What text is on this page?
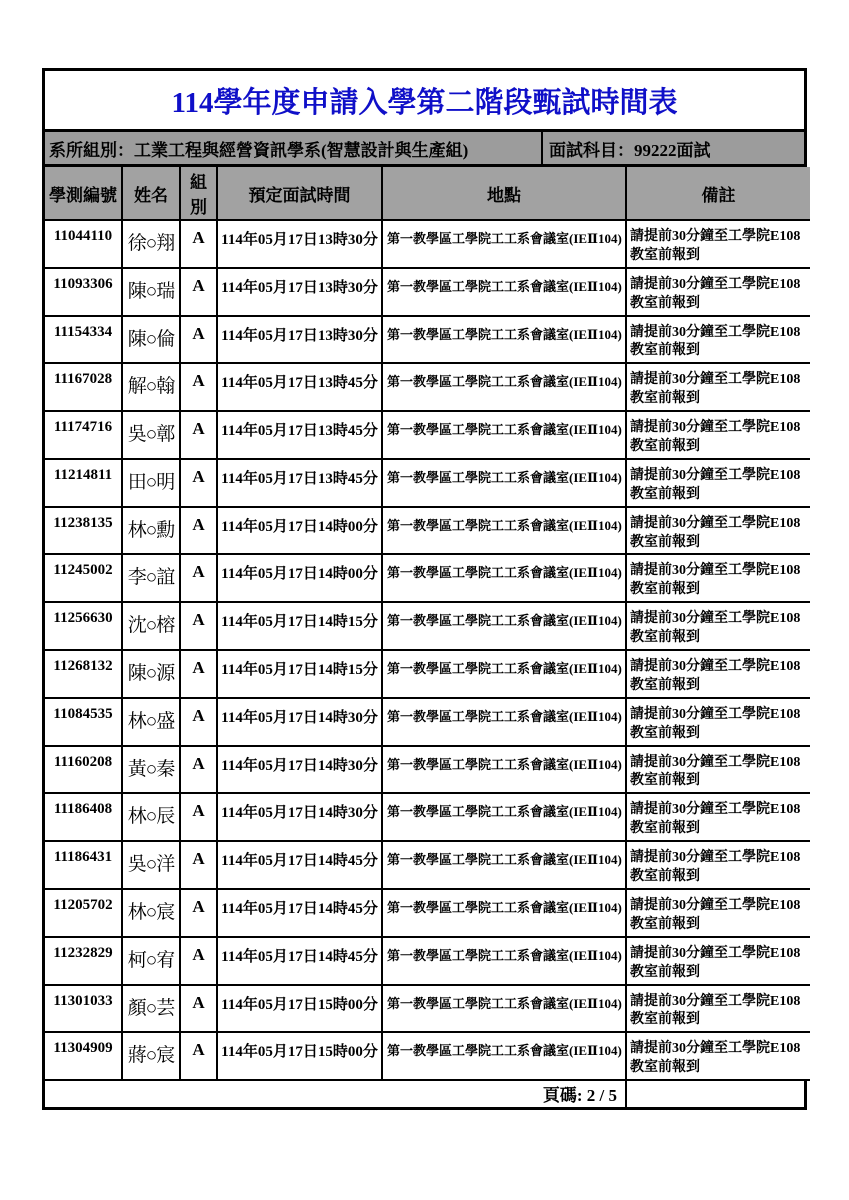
114學年度申請入學第二階段甄試時間表
系所組別：工業工程與經營資訊學系(智慧設計與生產組)	面試科目：99222面試
學測編號	姓名	組別	預定面試時間	地點	備註
11044110	徐○翔	A	114年05月17日13時30分	第一教學區工學院工工系會議室(IEⅡ104)	請提前30分鐘至工學院E108教室前報到
11093306	陳○瑞	A	114年05月17日13時30分	第一教學區工學院工工系會議室(IEⅡ104)	請提前30分鐘至工學院E108教室前報到
11154334	陳○倫	A	114年05月17日13時30分	第一教學區工學院工工系會議室(IEⅡ104)	請提前30分鐘至工學院E108教室前報到
11167028	解○翰	A	114年05月17日13時45分	第一教學區工學院工工系會議室(IEⅡ104)	請提前30分鐘至工學院E108教室前報到
11174716	吳○鄣	A	114年05月17日13時45分	第一教學區工學院工工系會議室(IEⅡ104)	請提前30分鐘至工學院E108教室前報到
11214811	田○明	A	114年05月17日13時45分	第一教學區工學院工工系會議室(IEⅡ104)	請提前30分鐘至工學院E108教室前報到
11238135	林○勳	A	114年05月17日14時00分	第一教學區工學院工工系會議室(IEⅡ104)	請提前30分鐘至工學院E108教室前報到
11245002	李○誼	A	114年05月17日14時00分	第一教學區工學院工工系會議室(IEⅡ104)	請提前30分鐘至工學院E108教室前報到
11256630	沈○榕	A	114年05月17日14時15分	第一教學區工學院工工系會議室(IEⅡ104)	請提前30分鐘至工學院E108教室前報到
11268132	陳○源	A	114年05月17日14時15分	第一教學區工學院工工系會議室(IEⅡ104)	請提前30分鐘至工學院E108教室前報到
11084535	林○盛	A	114年05月17日14時30分	第一教學區工學院工工系會議室(IEⅡ104)	請提前30分鐘至工學院E108教室前報到
11160208	黃○秦	A	114年05月17日14時30分	第一教學區工學院工工系會議室(IEⅡ104)	請提前30分鐘至工學院E108教室前報到
11186408	林○辰	A	114年05月17日14時30分	第一教學區工學院工工系會議室(IEⅡ104)	請提前30分鐘至工學院E108教室前報到
11186431	吳○洋	A	114年05月17日14時45分	第一教學區工學院工工系會議室(IEⅡ104)	請提前30分鐘至工學院E108教室前報到
11205702	林○宸	A	114年05月17日14時45分	第一教學區工學院工工系會議室(IEⅡ104)	請提前30分鐘至工學院E108教室前報到
11232829	柯○宥	A	114年05月17日14時45分	第一教學區工學院工工系會議室(IEⅡ104)	請提前30分鐘至工學院E108教室前報到
11301033	顏○芸	A	114年05月17日15時00分	第一教學區工學院工工系會議室(IEⅡ104)	請提前30分鐘至工學院E108教室前報到
11304909	蔣○宸	A	114年05月17日15時00分	第一教學區工學院工工系會議室(IEⅡ104)	請提前30分鐘至工學院E108教室前報到
頁碼: 2 / 5					
